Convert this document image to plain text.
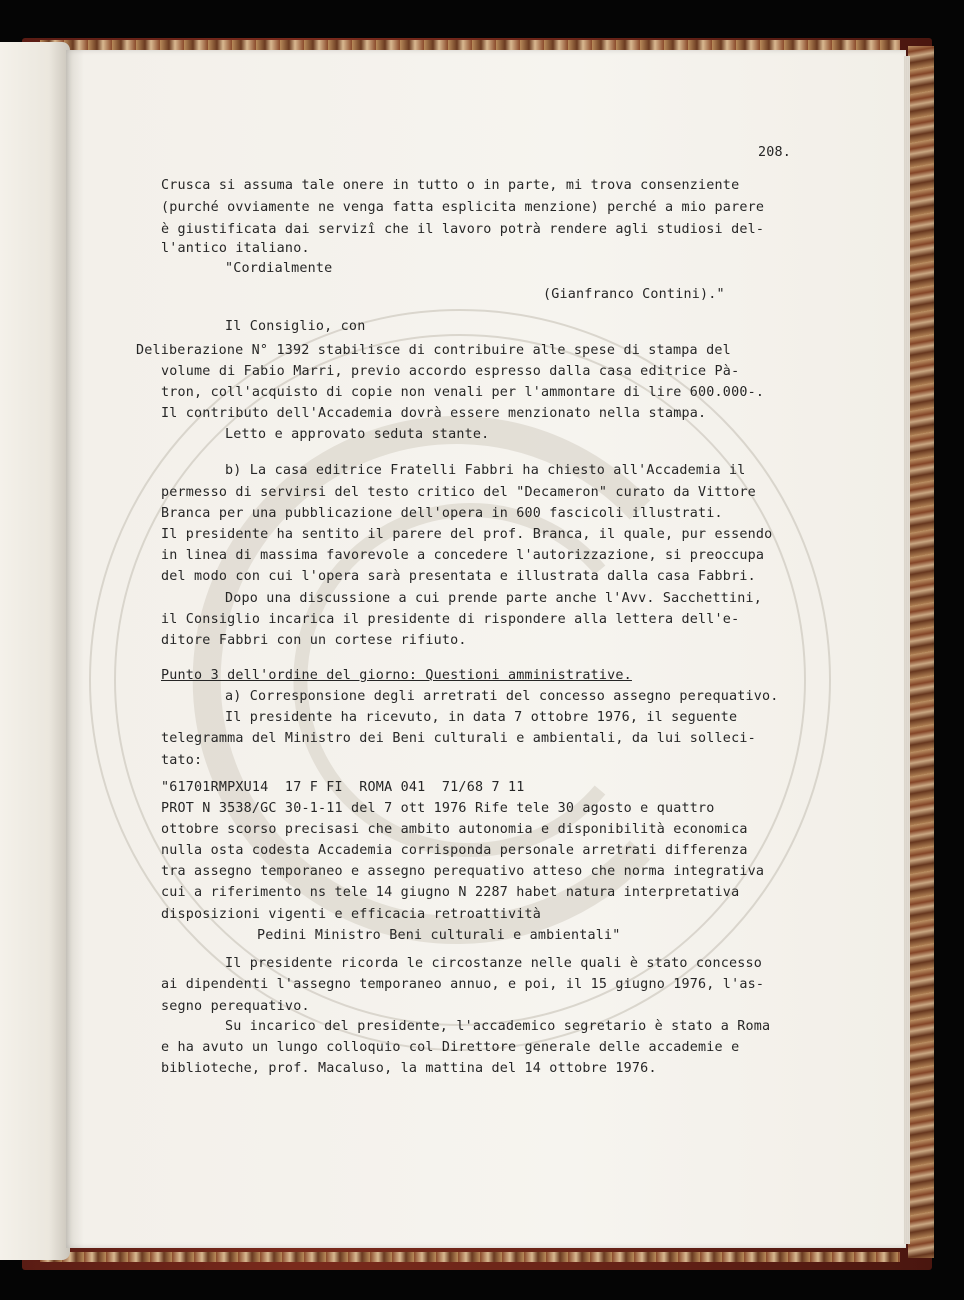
208.
Crusca si assuma tale onere in tutto o in parte, mi trova consenziente
(purché ovviamente ne venga fatta esplicita menzione) perché a mio parere
è giustificata dai servizî che il lavoro potrà rendere agli studiosi del-
l'antico italiano.
"Cordialmente
(Gianfranco Contini)."
Il Consiglio, con
Deliberazione N° 1392 stabilisce di contribuire alle spese di stampa del
volume di Fabio Marri, previo accordo espresso dalla casa editrice Pà-
tron, coll'acquisto di copie non venali per l'ammontare di lire 600.000-.
Il contributo dell'Accademia dovrà essere menzionato nella stampa.
Letto e approvato seduta stante.
b) La casa editrice Fratelli Fabbri ha chiesto all'Accademia il
permesso di servirsi del testo critico del "Decameron" curato da Vittore
Branca per una pubblicazione dell'opera in 600 fascicoli illustrati.
Il presidente ha sentito il parere del prof. Branca, il quale, pur essendo
in linea di massima favorevole a concedere l'autorizzazione, si preoccupa
del modo con cui l'opera sarà presentata e illustrata dalla casa Fabbri.
Dopo una discussione a cui prende parte anche l'Avv. Sacchettini,
il Consiglio incarica il presidente di rispondere alla lettera dell'e-
ditore Fabbri con un cortese rifiuto.
Punto 3 dell'ordine del giorno: Questioni amministrative.
a) Corresponsione degli arretrati del concesso assegno perequativo.
Il presidente ha ricevuto, in data 7 ottobre 1976, il seguente
telegramma del Ministro dei Beni culturali e ambientali, da lui solleci-
tato:
"61701RMPXU14  17 F FI  ROMA 041  71/68 7 11
PROT N 3538/GC 30-1-11 del 7 ott 1976 Rife tele 30 agosto e quattro
ottobre scorso precisasi che ambito autonomia e disponibilità economica
nulla osta codesta Accademia corrisponda personale arretrati differenza
tra assegno temporaneo e assegno perequativo atteso che norma integrativa
cui a riferimento ns tele 14 giugno N 2287 habet natura interpretativa
disposizioni vigenti e efficacia retroattività
Pedini Ministro Beni culturali e ambientali"
Il presidente ricorda le circostanze nelle quali è stato concesso
ai dipendenti l'assegno temporaneo annuo, e poi, il 15 giugno 1976, l'as-
segno perequativo.
Su incarico del presidente, l'accademico segretario è stato a Roma
e ha avuto un lungo colloquio col Direttore generale delle accademie e
biblioteche, prof. Macaluso, la mattina del 14 ottobre 1976.
